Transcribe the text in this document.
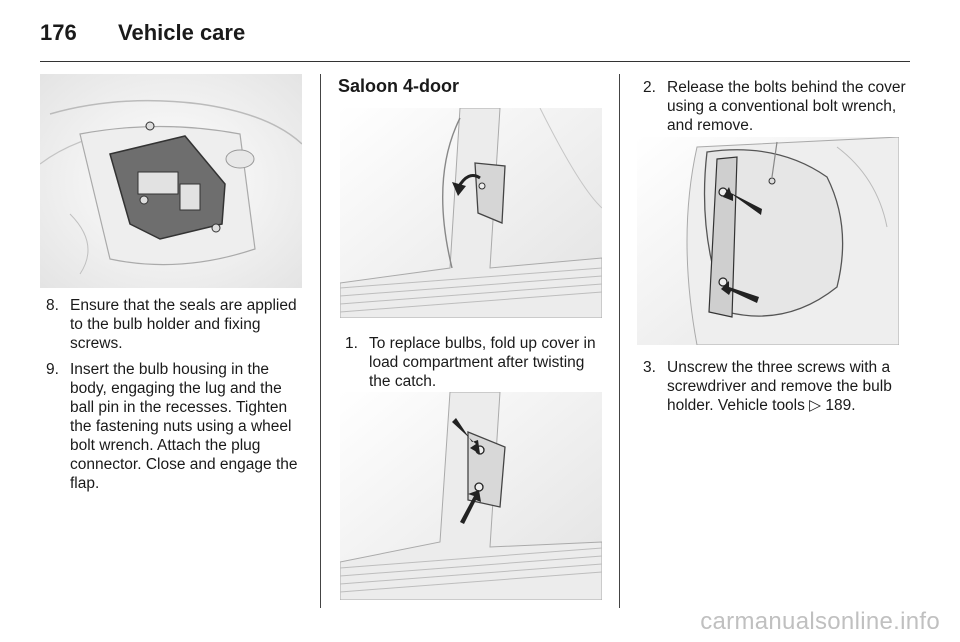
176 Vehicle care
8. Ensure that the seals are applied to the bulb holder and fixing screws.
9. Insert the bulb housing in the body, engaging the lug and the ball pin in the recesses. Tighten the fastening nuts using a wheel bolt wrench. Attach the plug connector. Close and engage the flap.
Saloon 4-door
1. To replace bulbs, fold up cover in load compartment after twisting the catch.
2. Release the bolts behind the cover using a conventional bolt wrench, and remove.
3. Unscrew the three screws with a screwdriver and remove the bulb holder. Vehicle tools ▷ 189.
carmanualsonline.info
